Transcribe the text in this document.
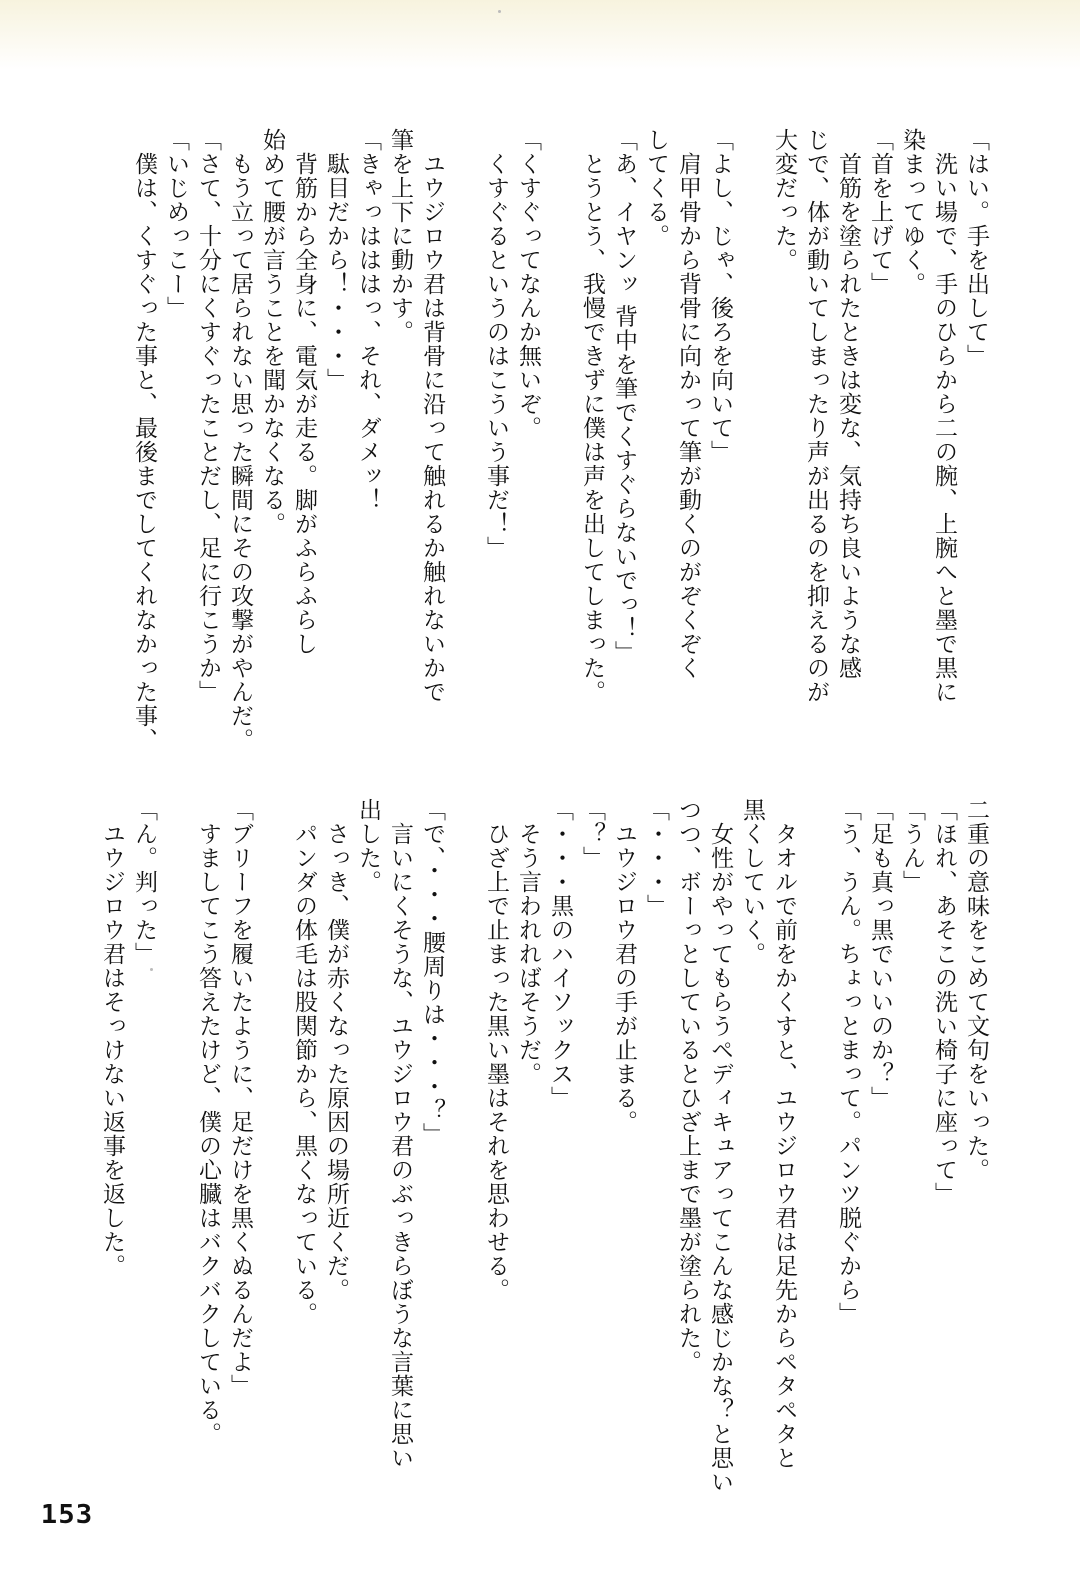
「はい。手を出して」

　洗い場で、手のひらから二の腕、上腕へと墨で黒に

染まってゆく。

「首を上げて」

　首筋を塗られたときは変な、気持ち良いような感

じで、体が動いてしまったり声が出るのを抑えるのが

大変だった。

「よし、じゃ、後ろを向いて」

　肩甲骨から背骨に向かって筆が動くのがぞくぞく

してくる。

「あ、イヤンッ 背中を筆でくすぐらないでっ！」

　とうとう、我慢できずに僕は声を出してしまった。

「くすぐってなんか無いぞ。

　くすぐるというのはこういう事だ！」

　ユウジロウ君は背骨に沿って触れるか触れないかで

筆を上下に動かす。

「きゃっはははっ、それ、ダメッ！

　駄目だから！・・・」

　背筋から全身に、電気が走る。脚がふらふらし

始めて腰が言うことを聞かなくなる。

　もう立って居られない思った瞬間にその攻撃がやんだ。

「さて、十分にくすぐったことだし、足に行こうか」

「いじめっこー」

　僕は、くすぐった事と、最後までしてくれなかった事、

二重の意味をこめて文句をいった。

「ほれ、あそこの洗い椅子に座って」

「うん」

「足も真っ黒でいいのか？」

「う、うん。ちょっとまって。パンツ脱ぐから」

　タオルで前をかくすと、ユウジロウ君は足先からペタペタと

黒くしていく。

　女性がやってもらうペディキュアってこんな感じかな？と思い

つつ、ボーっとしているとひざ上まで墨が塗られた。

「・・・」

　ユウジロウ君の手が止まる。

「？」

「・・・黒のハイソックス」

　そう言われればそうだ。

　ひざ上で止まった黒い墨はそれを思わせる。

「で、・・・腰周りは・・・？」

　言いにくそうな、ユウジロウ君のぶっきらぼうな言葉に思い

出した。

　さっき、僕が赤くなった原因の場所近くだ。

　パンダの体毛は股関節から、黒くなっている。

「ブリーフを履いたように、足だけを黒くぬるんだよ」

　すましてこう答えたけど、僕の心臓はバクバクしている。

「ん。判った」

　ユウジロウ君はそっけない返事を返した。

153
